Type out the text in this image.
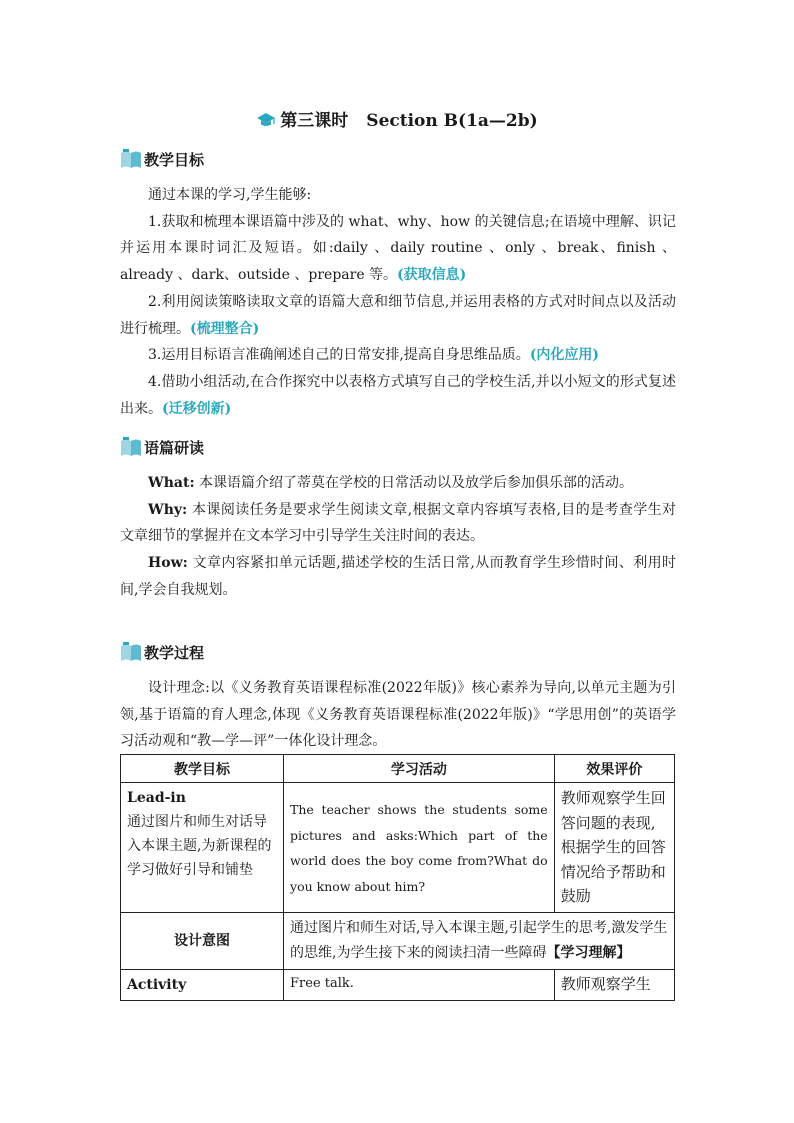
第三课时 Section B(1a—2b)
教学目标

通过本课的学习,学生能够:

1.获取和梳理本课语篇中涉及的 what、why、how 的关键信息;在语境中理解、识记并运用本课时词汇及短语。如:daily 、daily routine 、only 、break、finish 、already 、dark、outside 、prepare 等。(获取信息)

2.利用阅读策略读取文章的语篇大意和细节信息,并运用表格的方式对时间点以及活动进行梳理。(梳理整合)

3.运用目标语言准确阐述自己的日常安排,提高自身思维品质。(内化应用)

4.借助小组活动,在合作探究中以表格方式填写自己的学校生活,并以小短文的形式复述出来。(迁移创新)

语篇研读

What: 本课语篇介绍了蒂莫在学校的日常活动以及放学后参加俱乐部的活动。

Why: 本课阅读任务是要求学生阅读文章,根据文章内容填写表格,目的是考查学生对文章细节的掌握并在文本学习中引导学生关注时间的表达。

How: 文章内容紧扣单元话题,描述学校的生活日常,从而教育学生珍惜时间、利用时间,学会自我规划。

教学过程

设计理念:以《义务教育英语课程标准(2022年版)》核心素养为导向,以单元主题为引领,基于语篇的育人理念,体现《义务教育英语课程标准(2022年版)》“学思用创”的英语学习活动观和“教—学—评”一体化设计理念。

教学目标	学习活动	效果评价

Lead-in
通过图片和师生对话导入本课主题,为新课程的学习做好引导和铺垫	The teacher shows the students some pictures and asks:Which part of the world does the boy come from?What do you know about him?	教师观察学生回答问题的表现,根据学生的回答情况给予帮助和鼓励
设计意图	通过图片和师生对话,导入本课主题,引起学生的思考,激发学生的思维,为学生接下来的阅读扫清一些障碍【学习理解】	
Activity	Free talk.	教师观察学生
